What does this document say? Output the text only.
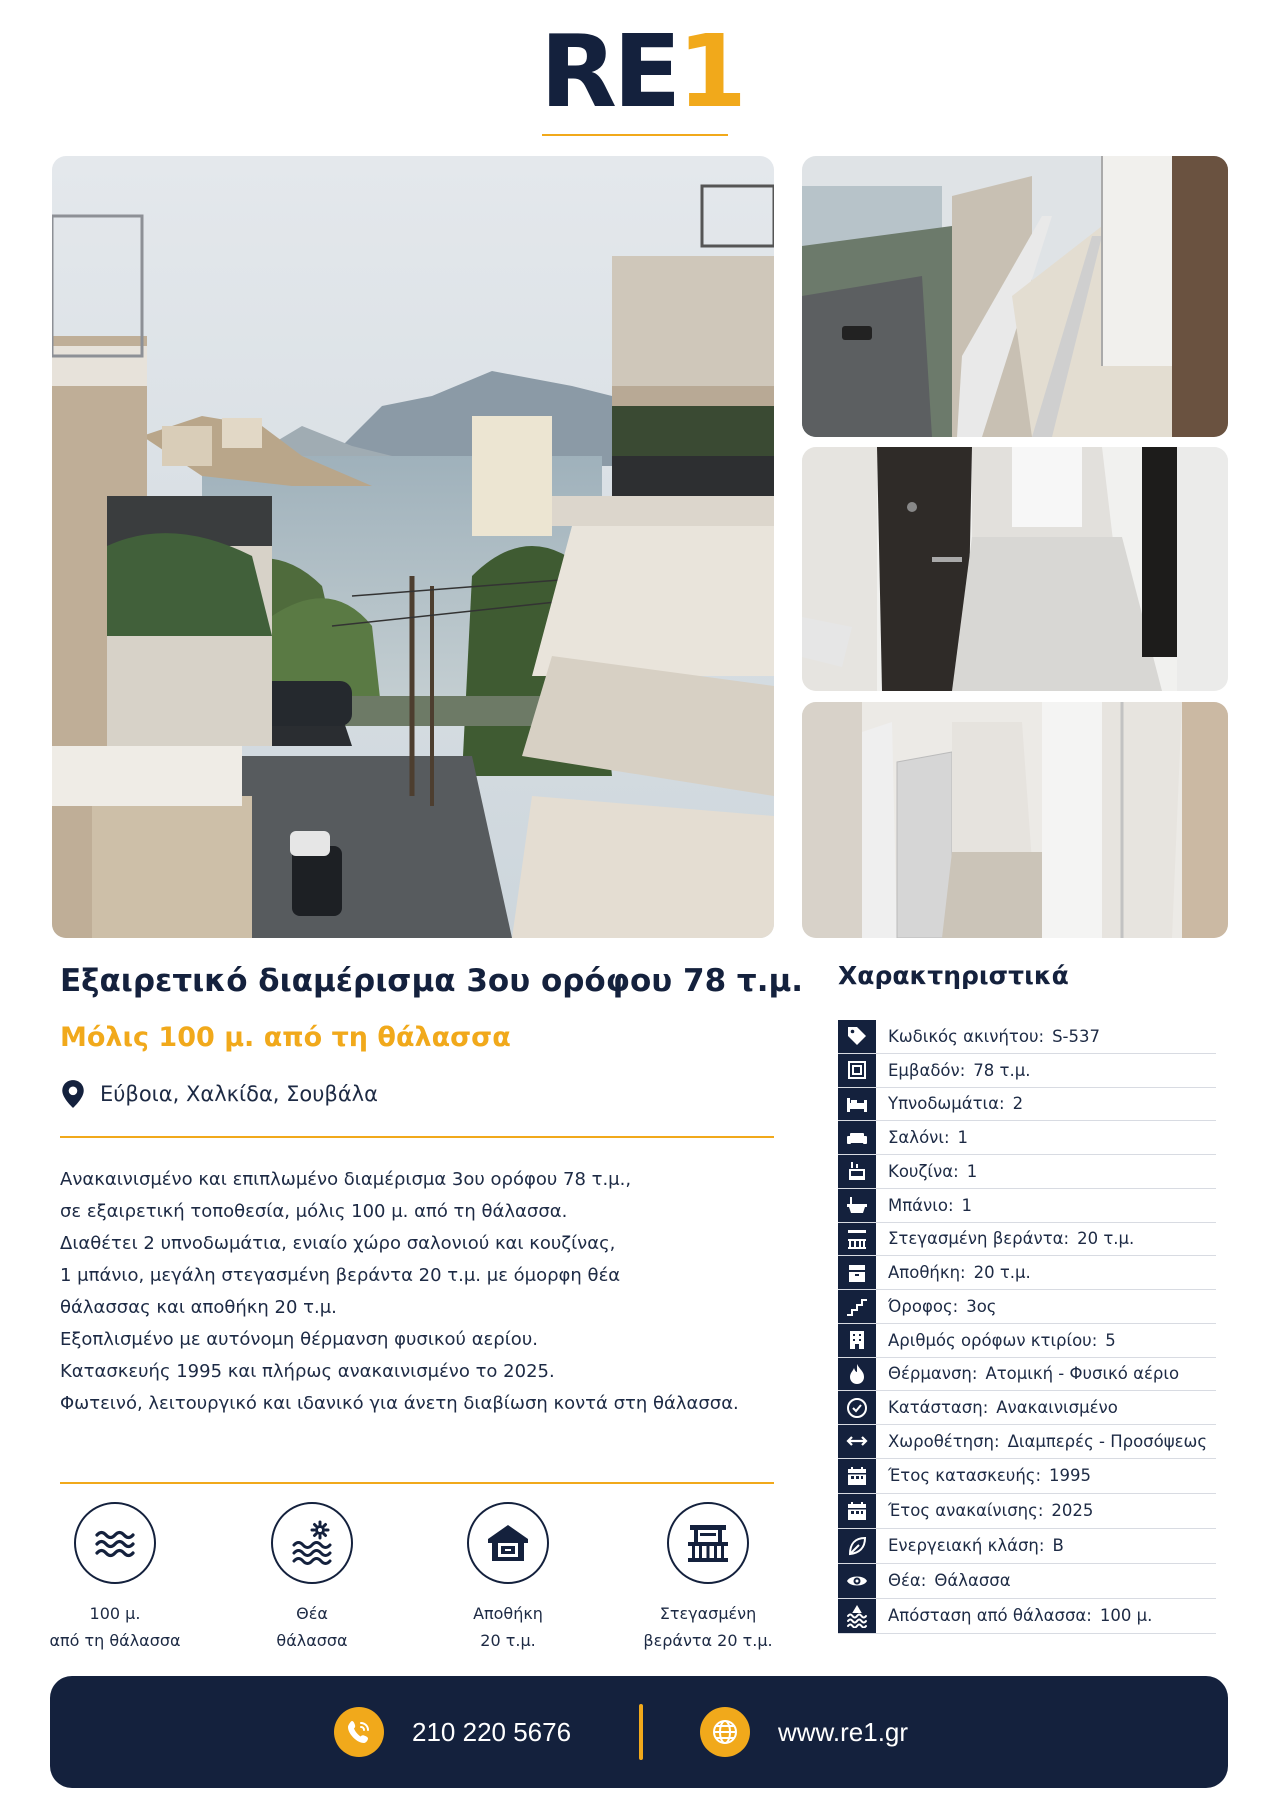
RE1
Εξαιρετικό διαμέρισμα 3ου ορόφου 78 τ.μ.
Μόλις 100 μ. από τη θάλασσα
Εύβοια, Χαλκίδα, Σουβάλα

Ανακαινισμένο και επιπλωμένο διαμέρισμα 3ου ορόφου 78 τ.μ.,

σε εξαιρετική τοποθεσία, μόλις 100 μ. από τη θάλασσα.

Διαθέτει 2 υπνοδωμάτια, ενιαίο χώρο σαλονιού και κουζίνας,

1 μπάνιο, μεγάλη στεγασμένη βεράντα 20 τ.μ. με όμορφη θέα

θάλασσας και αποθήκη 20 τ.μ.

Εξοπλισμένο με αυτόνομη θέρμανση φυσικού αερίου.

Κατασκευής 1995 και πλήρως ανακαινισμένο το 2025.

Φωτεινό, λειτουργικό και ιδανικό για άνετη διαβίωση κοντά στη θάλασσα.

100 μ.
από τη θάλασσα
Θέα
θάλασσα
Αποθήκη
20 τ.μ.
Στεγασμένη
βεράντα 20 τ.μ.
Χαρακτηριστικά
Κωδικός ακινήτου: S-537
Εμβαδόν: 78 τ.μ.
Υπνοδωμάτια: 2
Σαλόνι: 1
Κουζίνα: 1
Μπάνιο: 1
Στεγασμένη βεράντα: 20 τ.μ.
Αποθήκη: 20 τ.μ.
Όροφος: 3ος
Αριθμός ορόφων κτιρίου: 5
Θέρμανση: Ατομική - Φυσικό αέριο
Κατάσταση: Ανακαινισμένο
Χωροθέτηση: Διαμπερές - Προσόψεως
Έτος κατασκευής: 1995
Έτος ανακαίνισης: 2025
Ενεργειακή κλάση: B
Θέα: Θάλασσα
Απόσταση από θάλασσα: 100 μ.
210 220 5676	www.re1.gr
